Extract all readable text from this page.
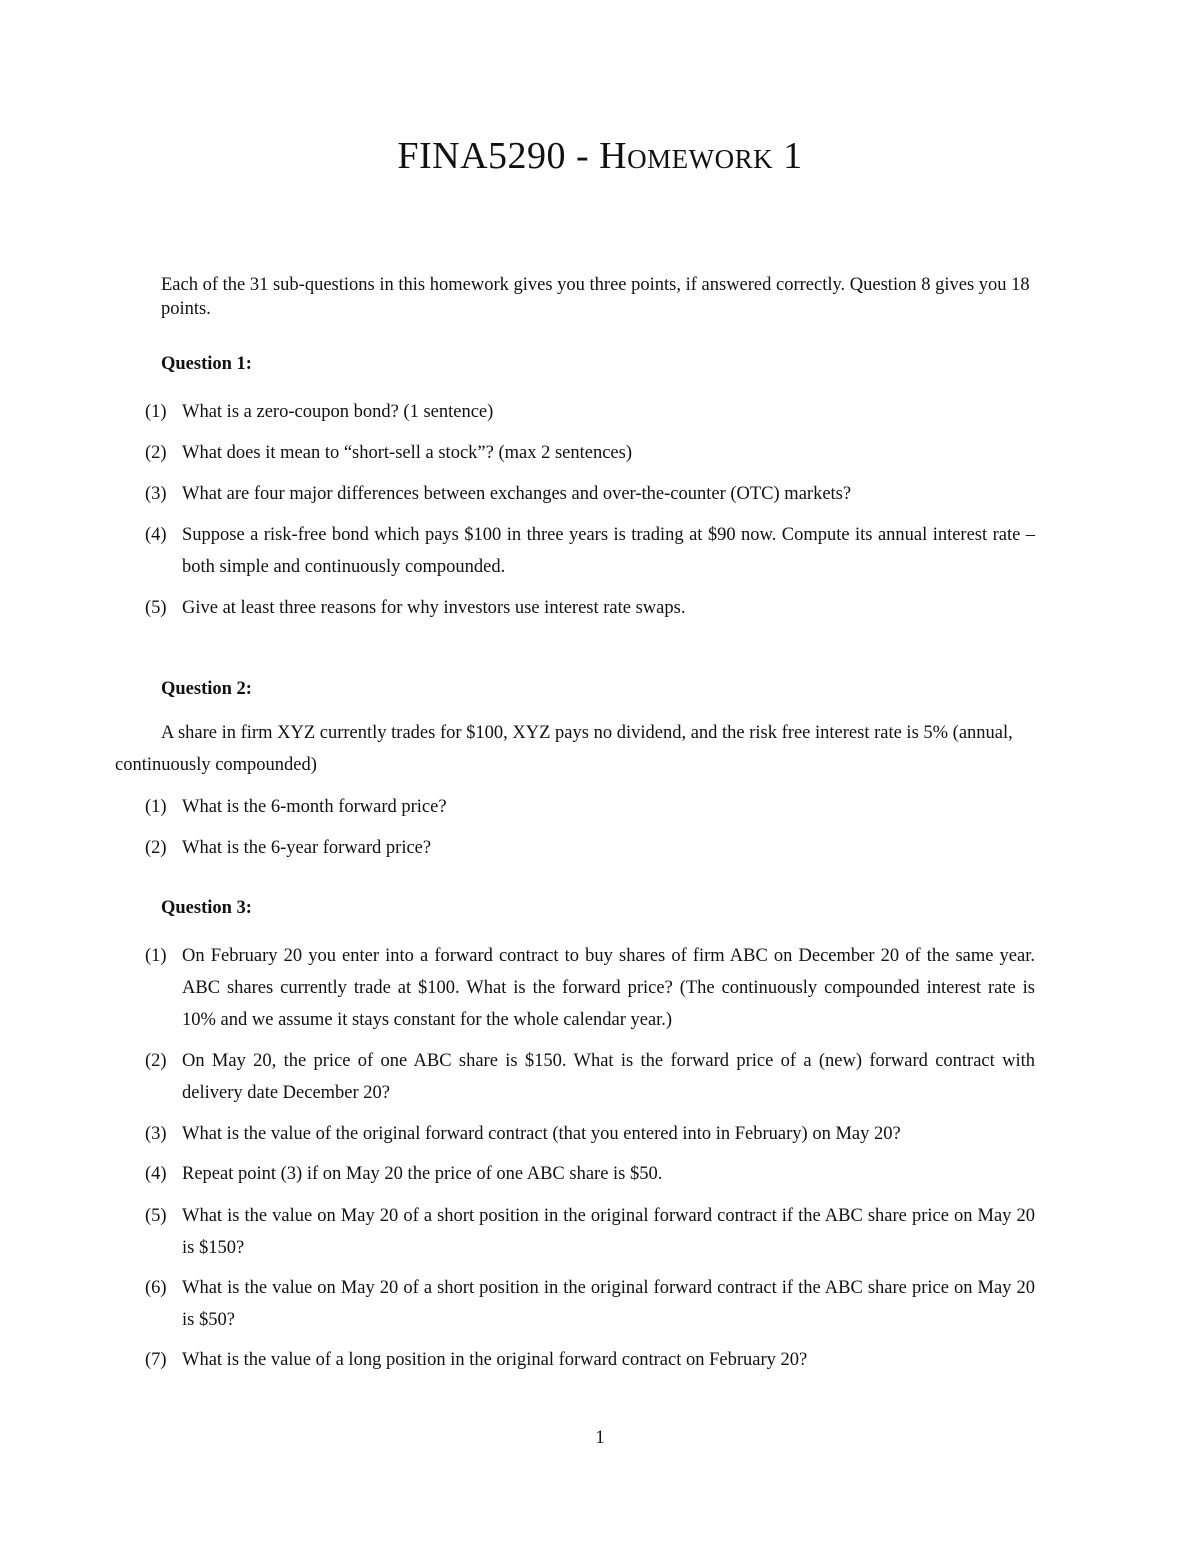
FINA5290 - Homework 1

Each of the 31 sub-questions in this homework gives you three points, if answered correctly. Question 8 gives you 18 points.

Question 1:

(1) What is a zero-coupon bond? (1 sentence)
(2) What does it mean to “short-sell a stock”? (max 2 sentences)
(3) What are four major differences between exchanges and over-the-counter (OTC) markets?
(4) Suppose a risk-free bond which pays $100 in three years is trading at $90 now. Compute its annual interest rate – both simple and continuously compounded.
(5) Give at least three reasons for why investors use interest rate swaps.

Question 2:

A share in firm XYZ currently trades for $100, XYZ pays no dividend, and the risk free interest rate is 5% (annual, continuously compounded)
(1) What is the 6-month forward price?
(2) What is the 6-year forward price?

Question 3:

(1) On February 20 you enter into a forward contract to buy shares of firm ABC on December 20 of the same year. ABC shares currently trade at $100. What is the forward price? (The continuously compounded interest rate is 10% and we assume it stays constant for the whole calendar year.)
(2) On May 20, the price of one ABC share is $150. What is the forward price of a (new) forward contract with delivery date December 20?
(3) What is the value of the original forward contract (that you entered into in February) on May 20?
(4) Repeat point (3) if on May 20 the price of one ABC share is $50.
(5) What is the value on May 20 of a short position in the original forward contract if the ABC share price on May 20 is $150?
(6) What is the value on May 20 of a short position in the original forward contract if the ABC share price on May 20 is $50?
(7) What is the value of a long position in the original forward contract on February 20?

1
